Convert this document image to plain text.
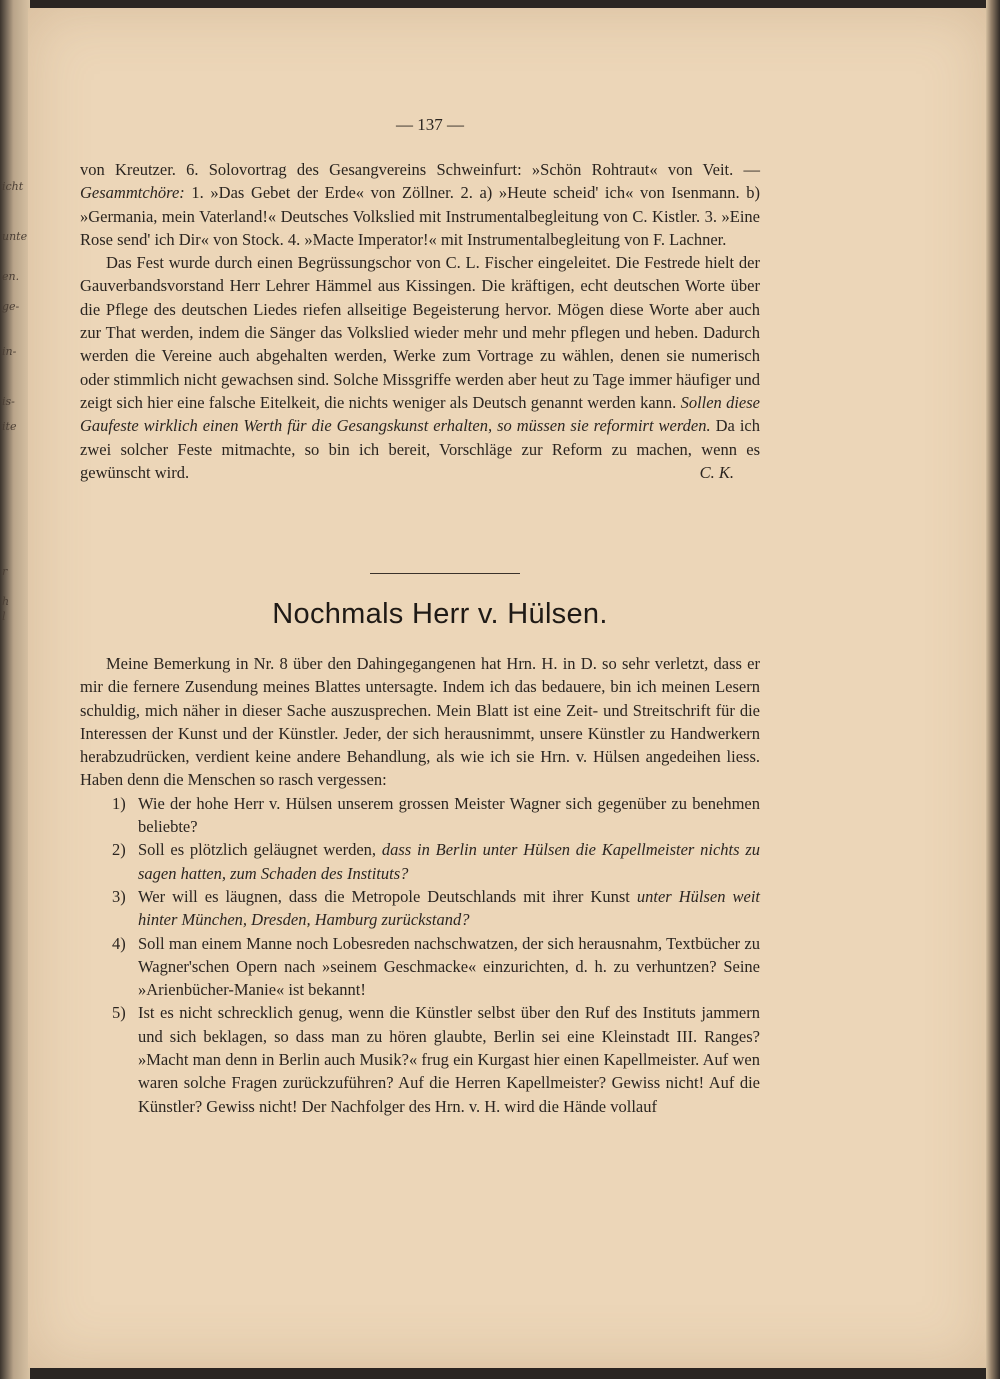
icht
unte
en.
ge-
in-
is-
ite
r
h
l
— 137 —

von Kreutzer. 6. Solovortrag des Gesangvereins Schweinfurt: »Schön Rohtraut« von Veit. — Gesammtchöre: 1. »Das Gebet der Erde« von Zöllner. 2. a) »Heute scheid' ich« von Isenmann. b) »Germania, mein Vaterland!« Deutsches Volkslied mit Instrumentalbegleitung von C. Kistler. 3. »Eine Rose send' ich Dir« von Stock. 4. »Macte Imperator!« mit Instrumentalbegleitung von F. Lachner.

Das Fest wurde durch einen Begrüssungschor von C. L. Fischer eingeleitet. Die Festrede hielt der Gauverbandsvorstand Herr Lehrer Hämmel aus Kissingen. Die kräftigen, echt deutschen Worte über die Pflege des deutschen Liedes riefen allseitige Begeisterung hervor. Mögen diese Worte aber auch zur That werden, indem die Sänger das Volkslied wieder mehr und mehr pflegen und heben. Dadurch werden die Vereine auch abgehalten werden, Werke zum Vortrage zu wählen, denen sie numerisch oder stimmlich nicht gewachsen sind. Solche Missgriffe werden aber heut zu Tage immer häufiger und zeigt sich hier eine falsche Eitelkeit, die nichts weniger als Deutsch genannt werden kann. Sollen diese Gaufeste wirklich einen Werth für die Gesangskunst erhalten, so müssen sie reformirt werden. Da ich zwei solcher Feste mitmachte, so bin ich bereit, Vorschläge zur Reform zu machen, wenn es gewünscht wird.	C. K.

Nochmals Herr v. Hülsen.

Meine Bemerkung in Nr. 8 über den Dahingegangenen hat Hrn. H. in D. so sehr verletzt, dass er mir die fernere Zusendung meines Blattes untersagte. Indem ich das bedauere, bin ich meinen Lesern schuldig, mich näher in dieser Sache auszusprechen. Mein Blatt ist eine Zeit- und Streitschrift für die Interessen der Kunst und der Künstler. Jeder, der sich herausnimmt, unsere Künstler zu Handwerkern herabzudrücken, verdient keine andere Behandlung, als wie ich sie Hrn. v. Hülsen angedeihen liess. Haben denn die Menschen so rasch vergessen:

1) Wie der hohe Herr v. Hülsen unserem grossen Meister Wagner sich gegenüber zu benehmen beliebte?
2) Soll es plötzlich geläugnet werden, dass in Berlin unter Hülsen die Kapellmeister nichts zu sagen hatten, zum Schaden des Instituts?
3) Wer will es läugnen, dass die Metropole Deutschlands mit ihrer Kunst unter Hülsen weit hinter München, Dresden, Hamburg zurückstand?
4) Soll man einem Manne noch Lobesreden nachschwatzen, der sich herausnahm, Textbücher zu Wagner'schen Opern nach »seinem Geschmacke« einzurichten, d. h. zu verhuntzen? Seine »Arienbücher-Manie« ist bekannt!
5) Ist es nicht schrecklich genug, wenn die Künstler selbst über den Ruf des Instituts jammern und sich beklagen, so dass man zu hören glaubte, Berlin sei eine Kleinstadt III. Ranges? »Macht man denn in Berlin auch Musik?« frug ein Kurgast hier einen Kapellmeister. Auf wen waren solche Fragen zurückzuführen? Auf die Herren Kapellmeister? Gewiss nicht! Auf die Künstler? Gewiss nicht! Der Nachfolger des Hrn. v. H. wird die Hände vollauf
